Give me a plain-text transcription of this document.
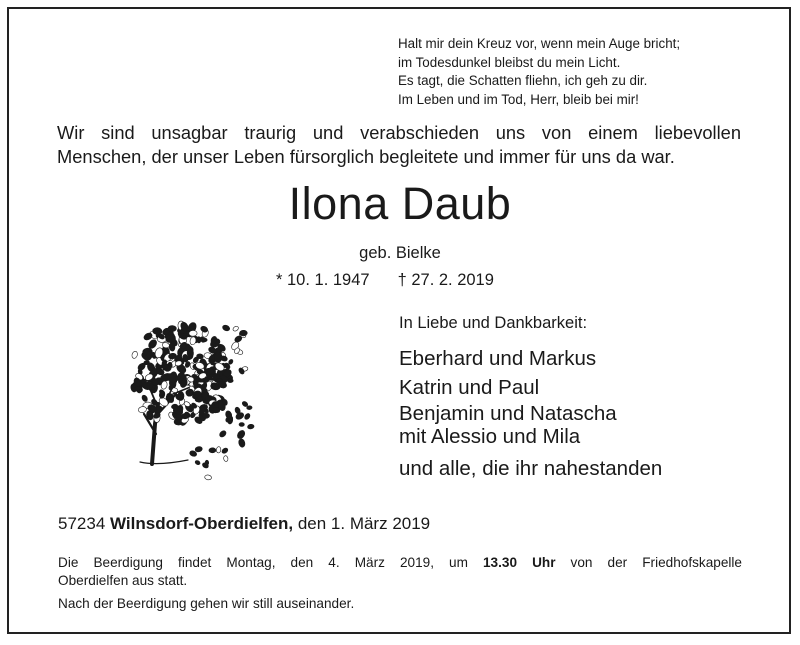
Halt mir dein Kreuz vor, wenn mein Auge bricht;
im Todesdunkel bleibst du mein Licht.
Es tagt, die Schatten fliehn, ich geh zu dir.
Im Leben und im Tod, Herr, bleib bei mir!
Wir sind unsagbar traurig und verabschieden uns von einem liebevollen
Menschen, der unser Leben fürsorglich begleitete und immer für uns da war.
Ilona Daub
geb. Bielke
* 10. 1. 1947 † 27. 2. 2019
In Liebe und Dankbarkeit:
Eberhard und Markus
Katrin und Paul
Benjamin und Natascha
mit Alessio und Mila
und alle, die ihr nahestanden
57234 Wilnsdorf-Oberdielfen, den 1. März 2019
Die Beerdigung findet Montag, den 4. März 2019, um 13.30 Uhr von der Friedhofskapelle
Oberdielfen aus statt.
Nach der Beerdigung gehen wir still auseinander.
